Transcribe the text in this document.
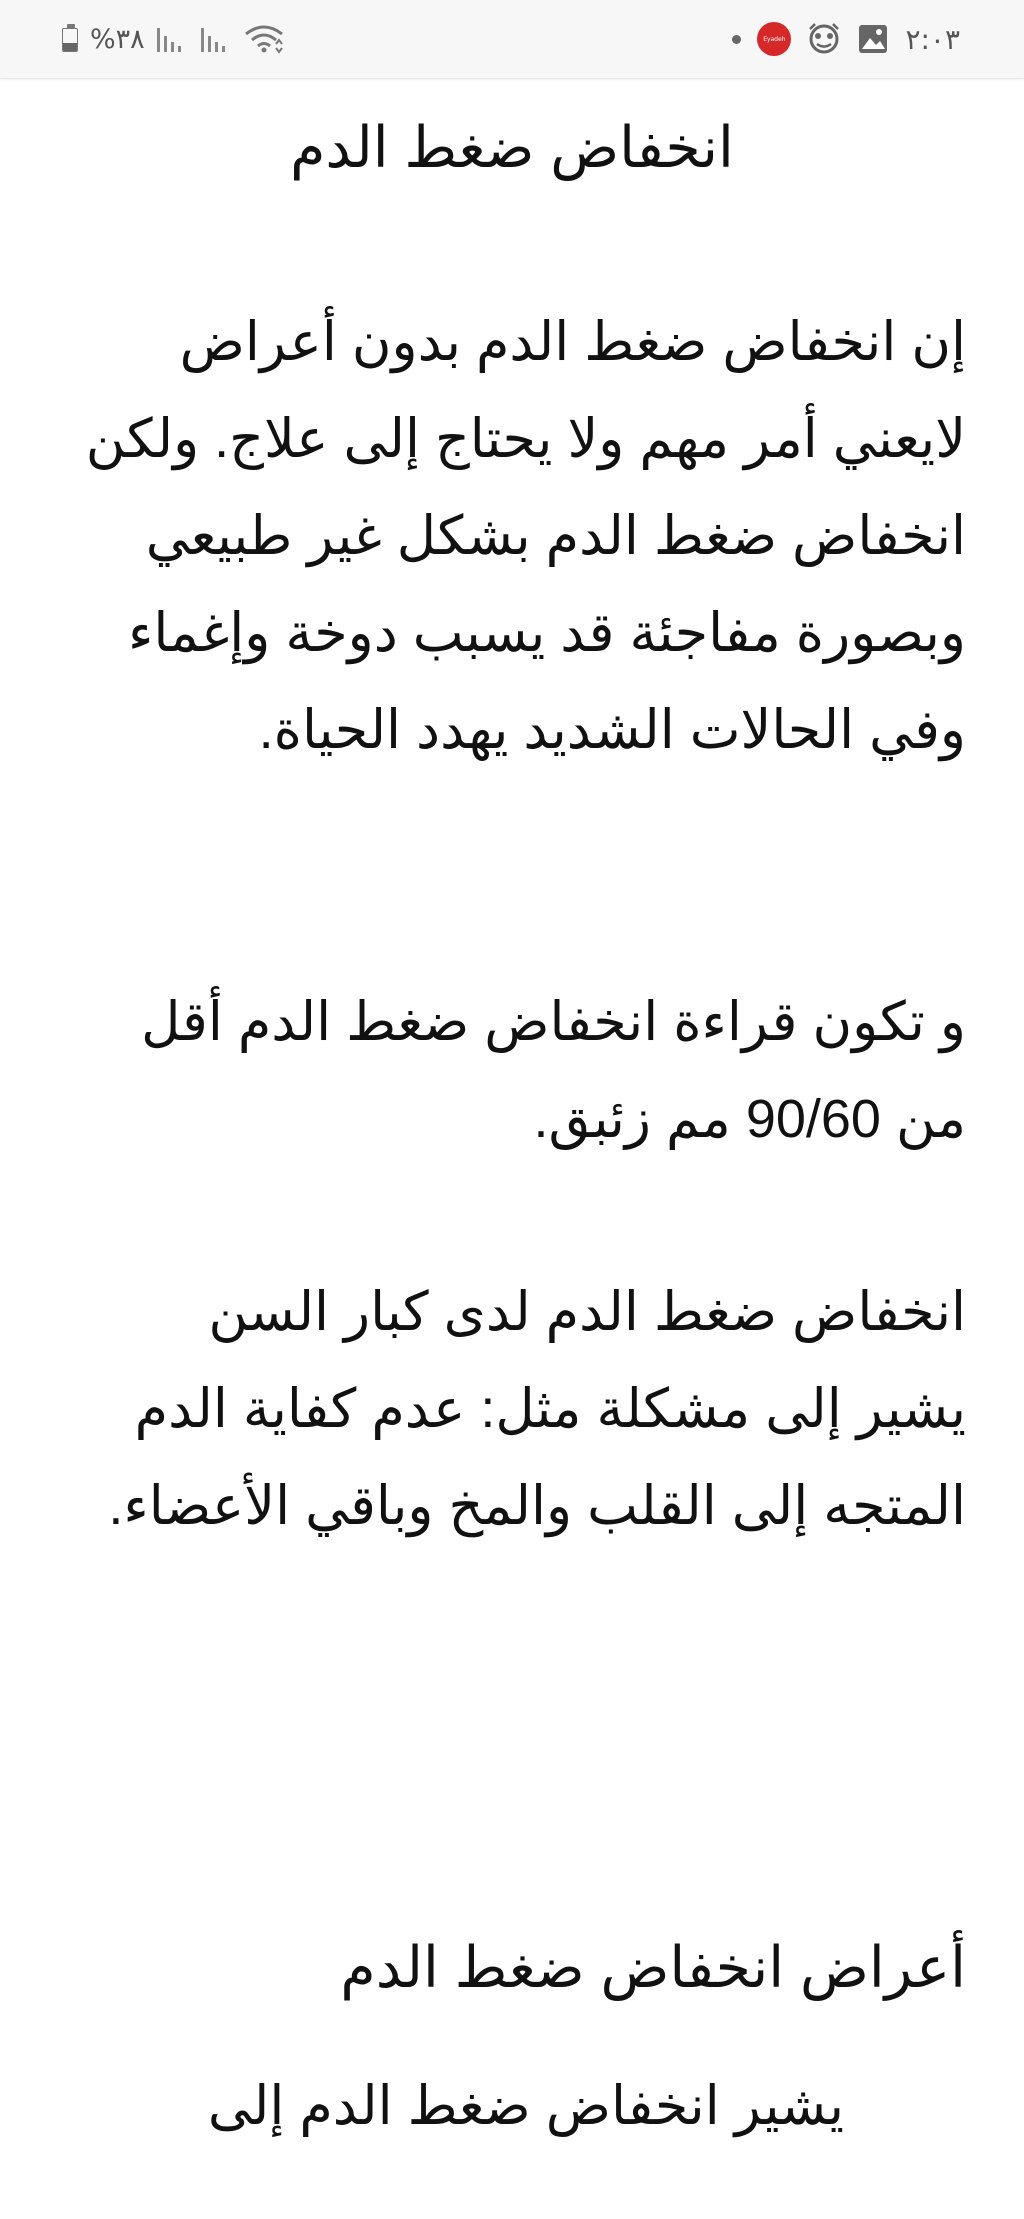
%٣٨	Eyadeh	٢:٠٣
انخفاض ضغط الدم

إن انخفاض ضغط الدم بدون أعراض لايعني أمر مهم ولا يحتاج إلى علاج. ولكن انخفاض ضغط الدم بشكل غير طبيعي وبصورة مفاجئة قد يسبب دوخة وإغماء وفي الحالات الشديد يهدد الحياة.

و تكون قراءة انخفاض ضغط الدم أقل من 90/60 مم زئبق.

انخفاض ضغط الدم لدى كبار السن يشير إلى مشكلة مثل: عدم كفاية الدم المتجه إلى القلب والمخ وباقي الأعضاء.

أعراض انخفاض ضغط الدم

يشير انخفاض ضغط الدم إلى
